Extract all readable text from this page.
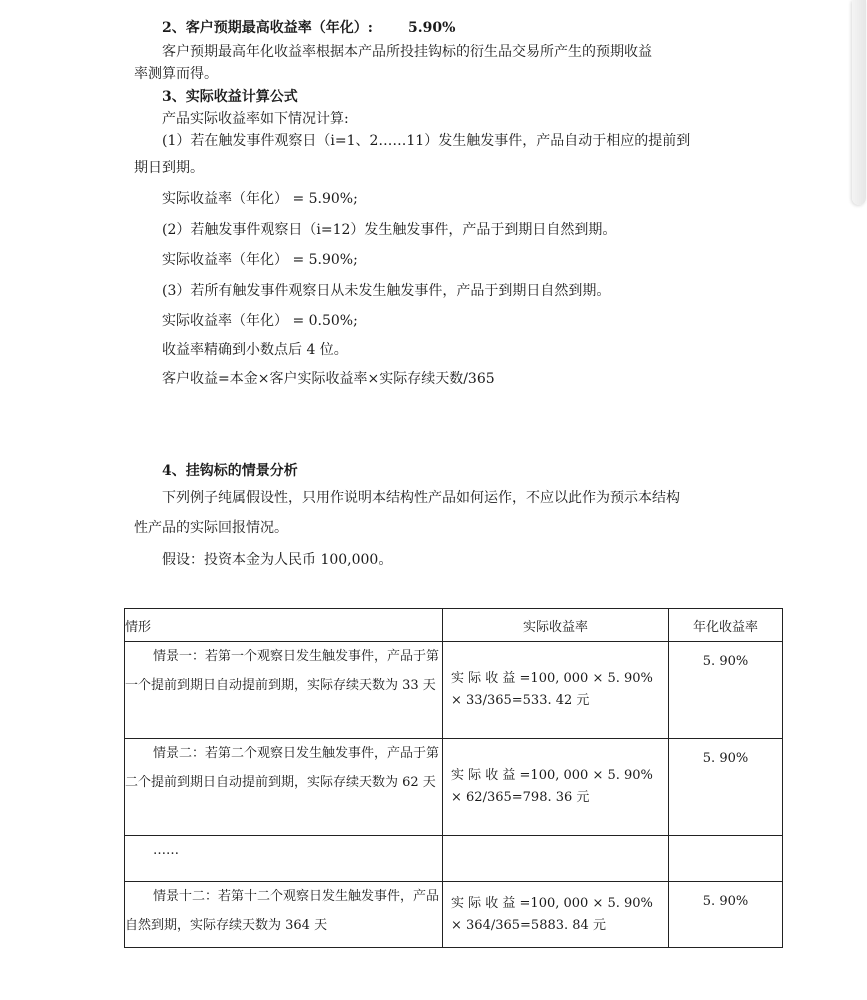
2、客户预期最高收益率（年化）:	5.90%
客户预期最高年化收益率根据本产品所投挂钩标的衍生品交易所产生的预期收益
率测算而得。
3、实际收益计算公式
产品实际收益率如下情况计算:
(1）若在触发事件观察日（i=1、2……11）发生触发事件，产品自动于相应的提前到
期日到期。
实际收益率（年化） = 5.90%;
(2）若触发事件观察日（i=12）发生触发事件，产品于到期日自然到期。
实际收益率（年化） = 5.90%;
(3）若所有触发事件观察日从未发生触发事件，产品于到期日自然到期。
实际收益率（年化） = 0.50%;
收益率精确到小数点后 4 位。
客户收益=本金×客户实际收益率×实际存续天数/365
4、挂钩标的情景分析
下列例子纯属假设性，只用作说明本结构性产品如何运作，不应以此作为预示本结构
性产品的实际回报情况。
假设：投资本金为人民币 100,000。
情形	实际收益率	年化收益率
情景一：若第一个观察日发生触发事件，产品于第一个提前到期日自动提前到期，实际存续天数为 33 天	实 际 收 益 =100, 000 × 5. 90% × 33/365=533. 42 元	5. 90%
情景二：若第二个观察日发生触发事件，产品于第二个提前到期日自动提前到期，实际存续天数为 62 天	实 际 收 益 =100, 000 × 5. 90% × 62/365=798. 36 元	5. 90%
……		
情景十二：若第十二个观察日发生触发事件，产品自然到期，实际存续天数为 364 天	实 际 收 益 =100, 000 × 5. 90% × 364/365=5883. 84 元	5. 90%
